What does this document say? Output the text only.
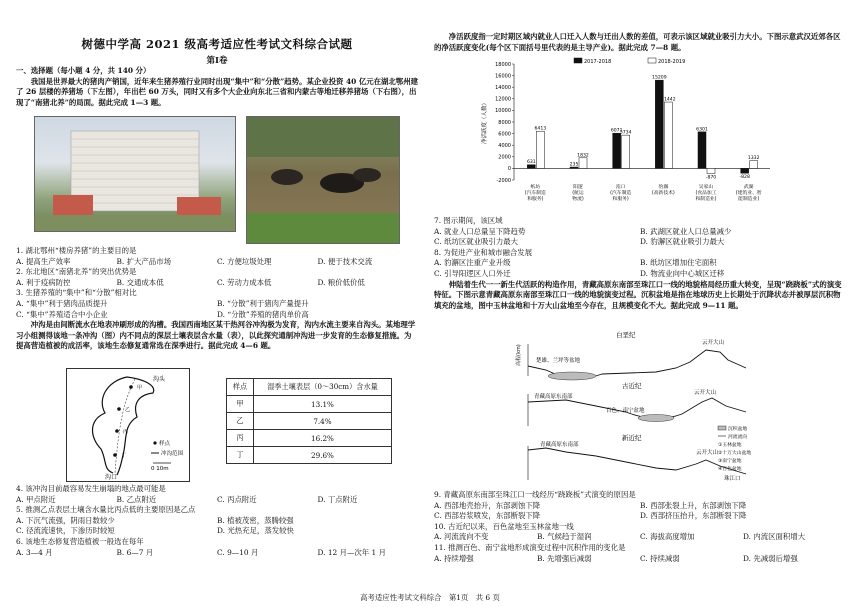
树德中学高 2021 级高考适应性考试文科综合试题
第Ⅰ卷

一、选择题（每小题 4 分，共 140 分）

　　我国是世界最大的猪肉产销国，近年来生猪养殖行业同时出现“集中”和“分散”趋势。某企业投资 40 亿元在湖北鄂州建了 26 层楼的养猪场（下左图），年出栏 60 万头，同时又有多个大企业向东北三省和内蒙古等地迁移养猪场（下右图），出现了“南猪北养”的局面。据此完成 1—3 题。

1. 湖北鄂州“楼房养猪”的主要目的是

A. 提高生产效率	B. 扩大产品市场	C. 方便垃圾处理	D. 便于技术交流

2. 东北地区“南猪北养”的突出优势是

A. 利于疫病防控	B. 交通成本低	C. 劳动力成本低	D. 粮价低价低

3. 生猪养殖的“集中”和“分散”相对比

A. “集中”利于猪肉品质提升	B. “分散”利于猪肉产量提升
C. “集中”养殖适合中小企业	D. “分散”养殖的猪肉单价高

　　冲沟是由间断流水在地表冲刷形成的沟槽。我国西南地区某干热河谷冲沟极为发育，沟内水流主要来自沟头。某地理学习小组测得该地一条冲沟（图）内不同点的深层土壤表层含水量（表），以此探究通制冲沟进一步发育的生态修复措施。为提高营造植被的成活率，该地生态修复通常选在深季进行。据此完成 4—6 题。

甲
乙
丙
丁
沟头
沟口
样点
冲沟范围
0 10m
样点	湿季土壤表层（0～30cm）含水量
甲	13.1%
乙	7.4%
丙	16.2%
丁	29.6%

4. 该冲沟目前最容易发生崩塌的地点最可能是

A. 甲点附近	B. 乙点附近	C. 丙点附近	D. 丁点附近

5. 推测乙点表层土壤含水量比丙点低的主要原因是乙点

A. 下沉气流强，阴雨日数较少	B. 植被茂密，蒸腾较强
C. 径流流速快，下渗历时较短	D. 光热充足，蒸发较快

6. 该地生态修复营造植被一般选在每年

A. 3—4 月	B. 6—7 月	C. 9—10 月	D. 12 月—次年 1 月

　　净活跃度指一定时期区域内就业人口迁入人数与迁出人数的差值，可表示该区域就业吸引力大小。下图示意武汉近郊各区的净活跃度变化(每个区下面括号里代表的是主导产业)。据此完成 7—8 题。

-2000
0
2000
4000
6000
8000
10000
12000
14000
16000
18000
净活跃度（人数）
2017-2018	2018-2019
631	235
6071
15209
6301
-828
6413
1832
5734
11442
-870
1332
纸坊(汽车制造和服务)
阳逻(航运物流)
沌口(汽车制造和服务)
豹澥(高新技术)
吴家山(食品加工和制造业)
武湖(建筑业、智能制造业)

7. 图示期间，该区域

A. 就业人口总量呈下降趋势	B. 武湖区就业人口总量减少
C. 纸坊区就业吸引力最大	D. 豹澥区就业吸引力最大

8. 为促进产业和城市融合发展

A. 豹澥区注重产业升级	B. 纸坊区增加住宅面积
C. 引导阳逻区人口外迁	D. 物流业向中心城区迁移

　　伸陆着生代一一新生代活跃的构造作用，青藏高原东南部至珠江口一线的地貌格局经历重大转变，呈现“跷跷板”式的演变特征。下图示意青藏高原东南部至珠江口一线的地貌演变过程。沉积盆地是指在地球历史上长期处于沉降状态并被厚层沉积物填充的盆地，图中玉林盆地和十万大山盆地至今存在，且规模变化不大。据此完成 9—11 题。

白垩纪
高程(km)	楚雄、兰坪等盆地
云开大山
古近纪
青藏高原东南部
百色、南宁盆地
云开大山
新近纪
青藏高原东南部
云开大山
珠江口
沉积盆地
河流流向
①玉林盆地
②十万大山盆地
③南宁盆地
④百色盆地

9. 青藏高原东南部至珠江口一线经历“跷跷板”式演变的原因是

A. 西部地壳抬升，东部剥蚀下降	B. 西部张裂上升，东部剥蚀下降
C. 西部岩浆喷发，东部断裂下降	D. 西部挤压抬升，东部断裂下降

10. 古近纪以来，百色盆地至玉林盆地一线

A. 河流流向不变	B. 气候趋于湿润	C. 海拔高度增加	D. 内流区面积增大

11. 推测百色、南宁盆地形成演变过程中沉积作用的变化是

A. 持续增强	B. 先增强后减弱	C. 持续减弱	D. 先减弱后增强
高考适应性考试文科综合　第1页　共 6 页
